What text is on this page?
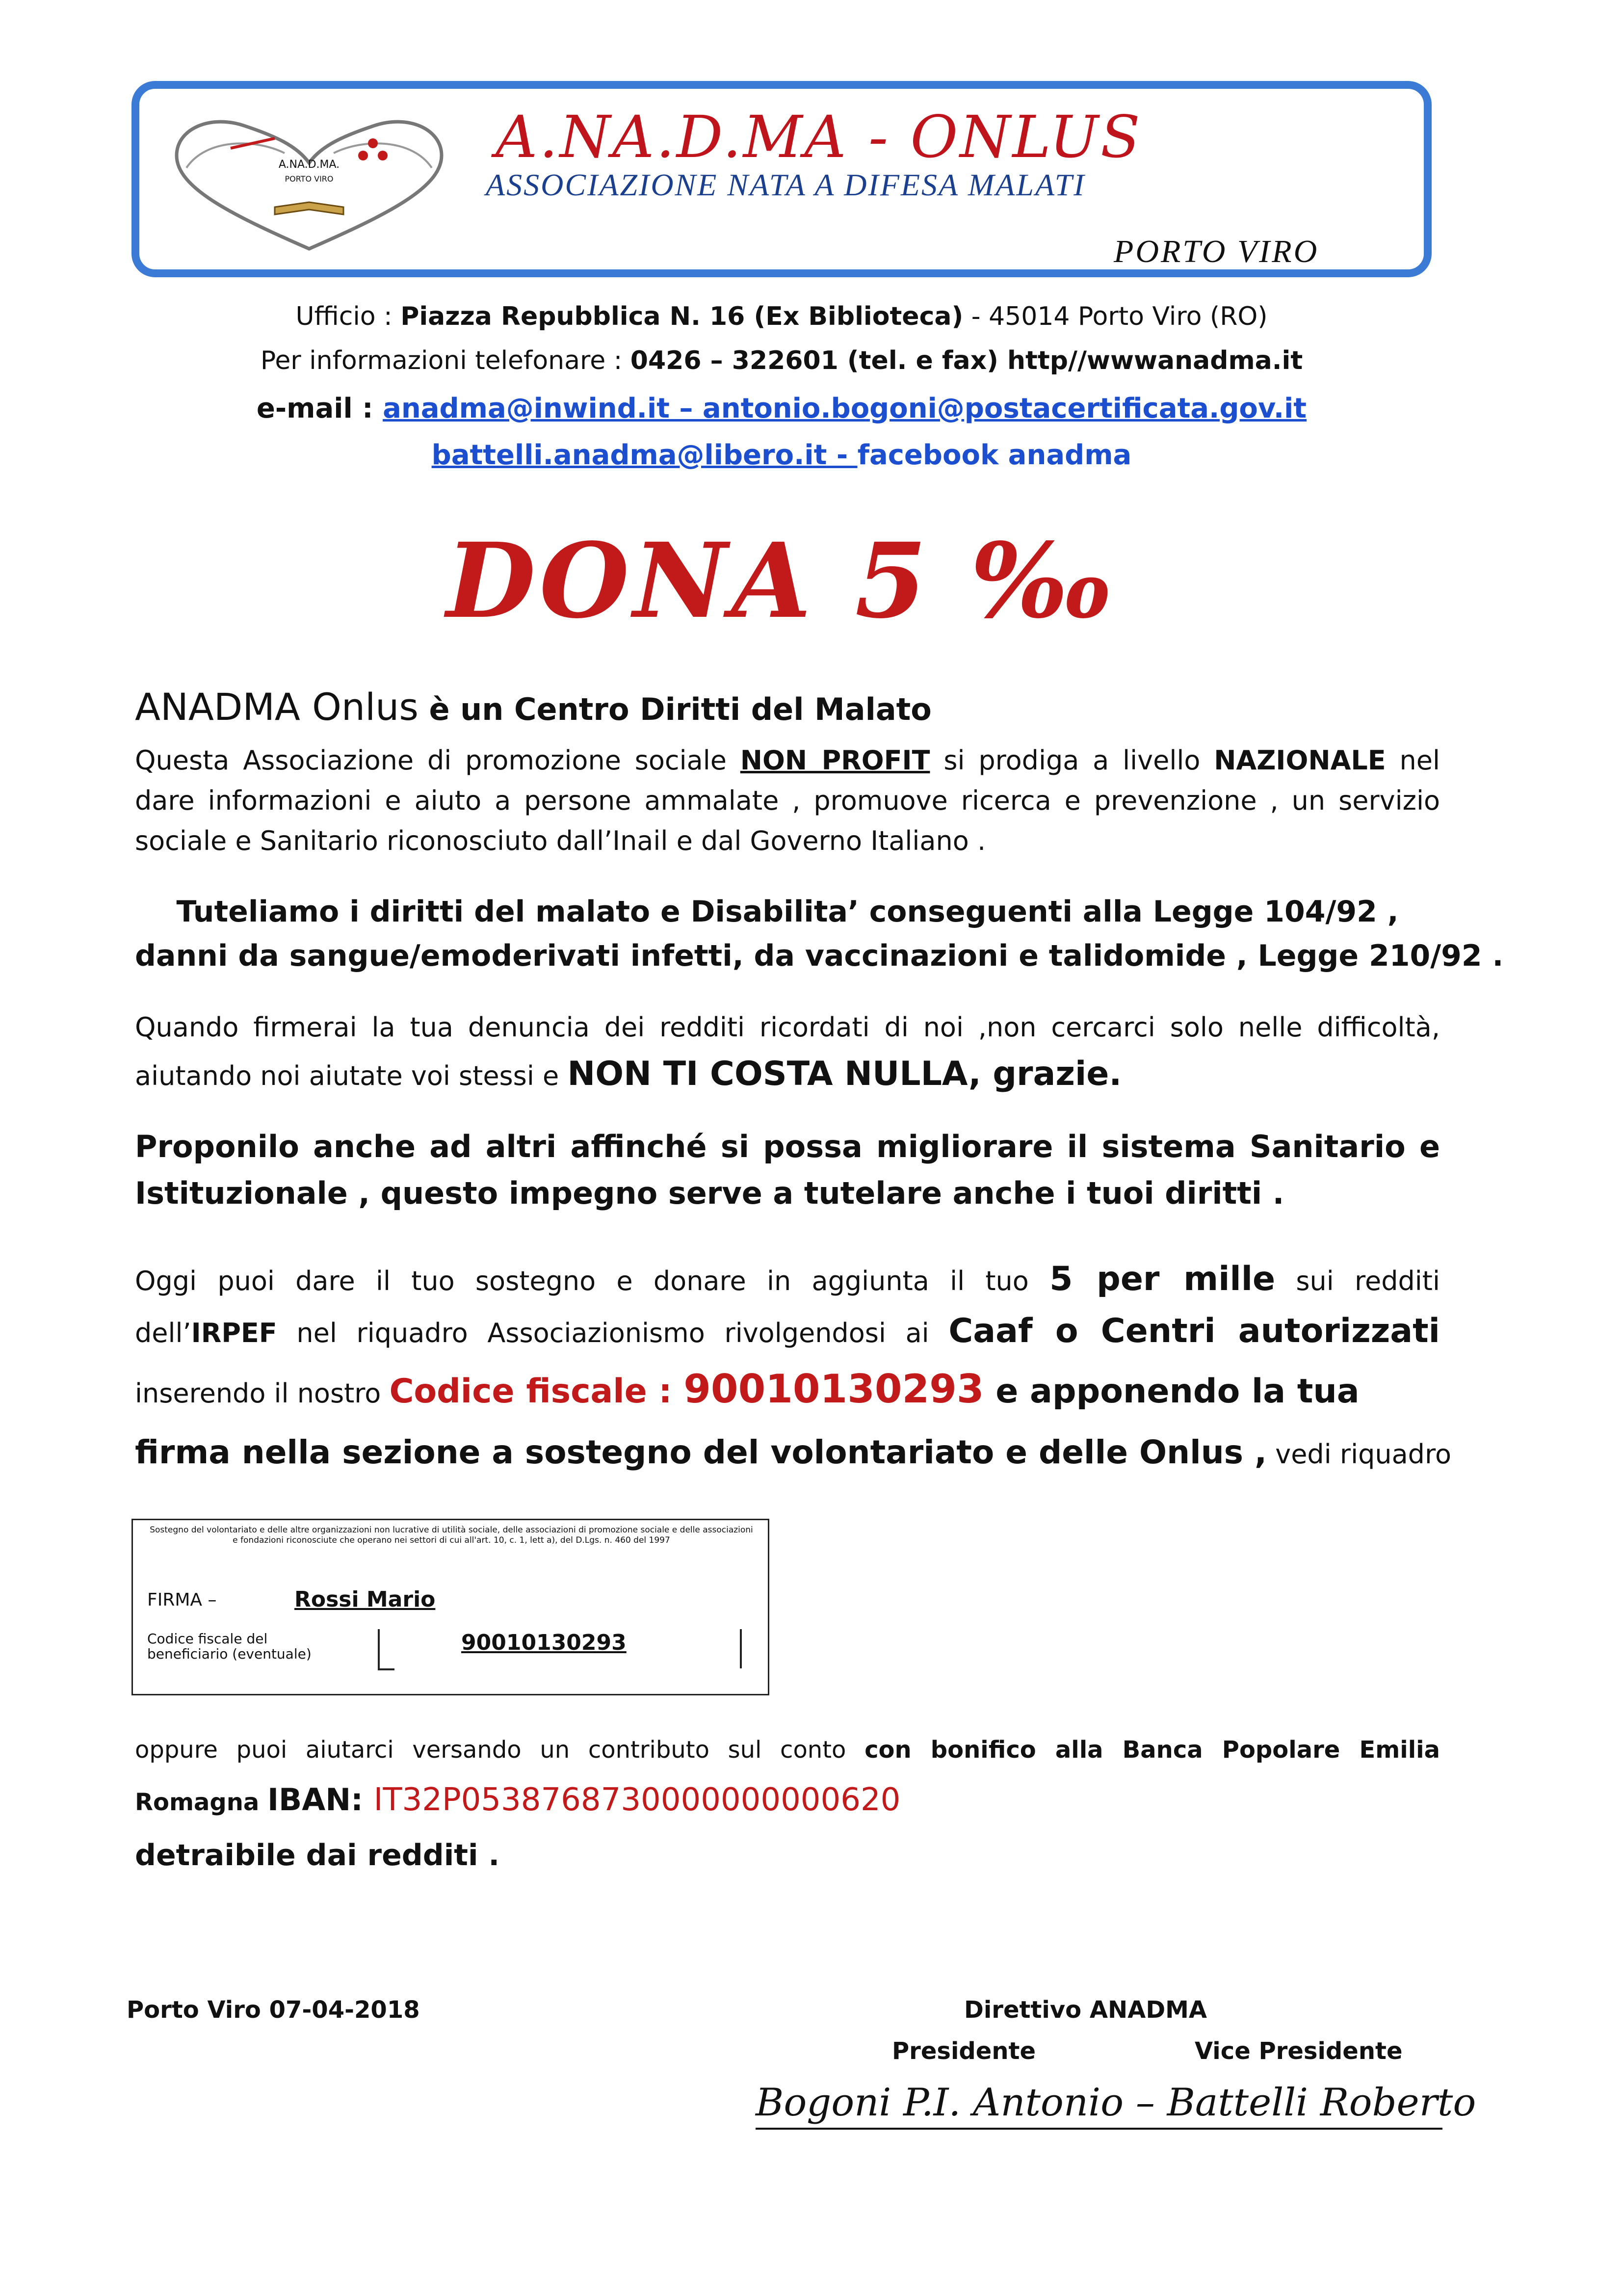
A.NA.D.MA.
PORTO VIRO
A.NA.D.MA - ONLUS
ASSOCIAZIONE NATA A DIFESA MALATI
PORTO VIRO
Ufficio : Piazza Repubblica N. 16 (Ex Biblioteca) - 45014 Porto Viro (RO)
Per informazioni telefonare : 0426 – 322601 (tel. e fax) http//wwwanadma.it
e-mail : anadma@inwind.it – antonio.bogoni@postacertificata.gov.it
battelli.anadma@libero.it - facebook anadma
DONA 5 ‰
ANADMA Onlus è un Centro Diritti del Malato
Questa Associazione di promozione sociale NON PROFIT si prodiga a livello NAZIONALE nel
dare informazioni e aiuto a persone ammalate , promuove ricerca e prevenzione , un servizio
sociale e Sanitario riconosciuto dall’Inail e dal Governo Italiano .
Tuteliamo i diritti del malato e Disabilita’ conseguenti alla Legge 104/92 ,
danni da sangue/emoderivati infetti, da vaccinazioni e talidomide , Legge 210/92 .
Quando firmerai la tua denuncia dei redditi ricordati di noi ,non cercarci solo nelle difficoltà,
aiutando noi aiutate voi stessi e NON TI COSTA NULLA, grazie.
Proponilo anche ad altri affinché si possa migliorare il sistema Sanitario e
Istituzionale , questo impegno serve a tutelare anche i tuoi diritti .
Oggi puoi dare il tuo sostegno e donare in aggiunta il tuo 5 per mille sui redditi
dell’IRPEF nel riquadro Associazionismo rivolgendosi ai Caaf o Centri autorizzati
inserendo il nostro Codice fiscale : 90010130293 e apponendo la tua
firma nella sezione a sostegno del volontariato e delle Onlus , vedi riquadro
Sostegno del volontariato e delle altre organizzazioni non lucrative di utilità sociale, delle associazioni di promozione sociale e delle associazioni e fondazioni riconosciute che operano nei settori di cui all'art. 10, c. 1, lett a), del D.Lgs. n. 460 del 1997
FIRMA –	Rossi Mario
Codice fiscale del beneficiario (eventuale)	90010130293
oppure puoi aiutarci versando un contributo sul conto con bonifico alla Banca Popolare Emilia
Romagna IBAN: IT32P0538768730000000000620
detraibile dai redditi .
Porto Viro 07-04-2018	Direttivo ANADMA
Presidente	Vice Presidente
Bogoni P.I. Antonio – Battelli Roberto
